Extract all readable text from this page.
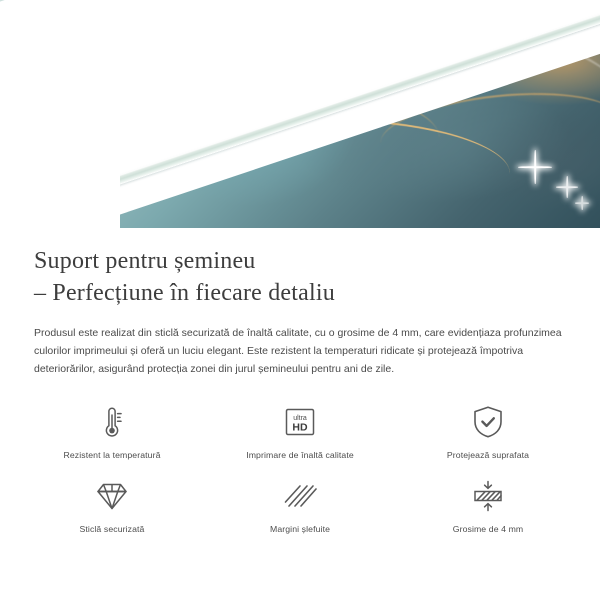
Suport pentru șemineu
– Perfecțiune în fiecare detaliu

Produsul este realizat din sticlă securizată de înaltă calitate, cu o grosime de 4 mm, care evidențiaza profunzimea culorilor imprimeului și oferă un luciu elegant. Este rezistent la temperaturi ridicate și protejează împotriva deteriorărilor, asigurând protecția zonei din jurul șemineului pentru ani de zile.

Rezistent la temperatură
ultra
HD
Imprimare de înaltă calitate	Protejează suprafata
Sticlă securizată	Margini șlefuite	Grosime de 4 mm
